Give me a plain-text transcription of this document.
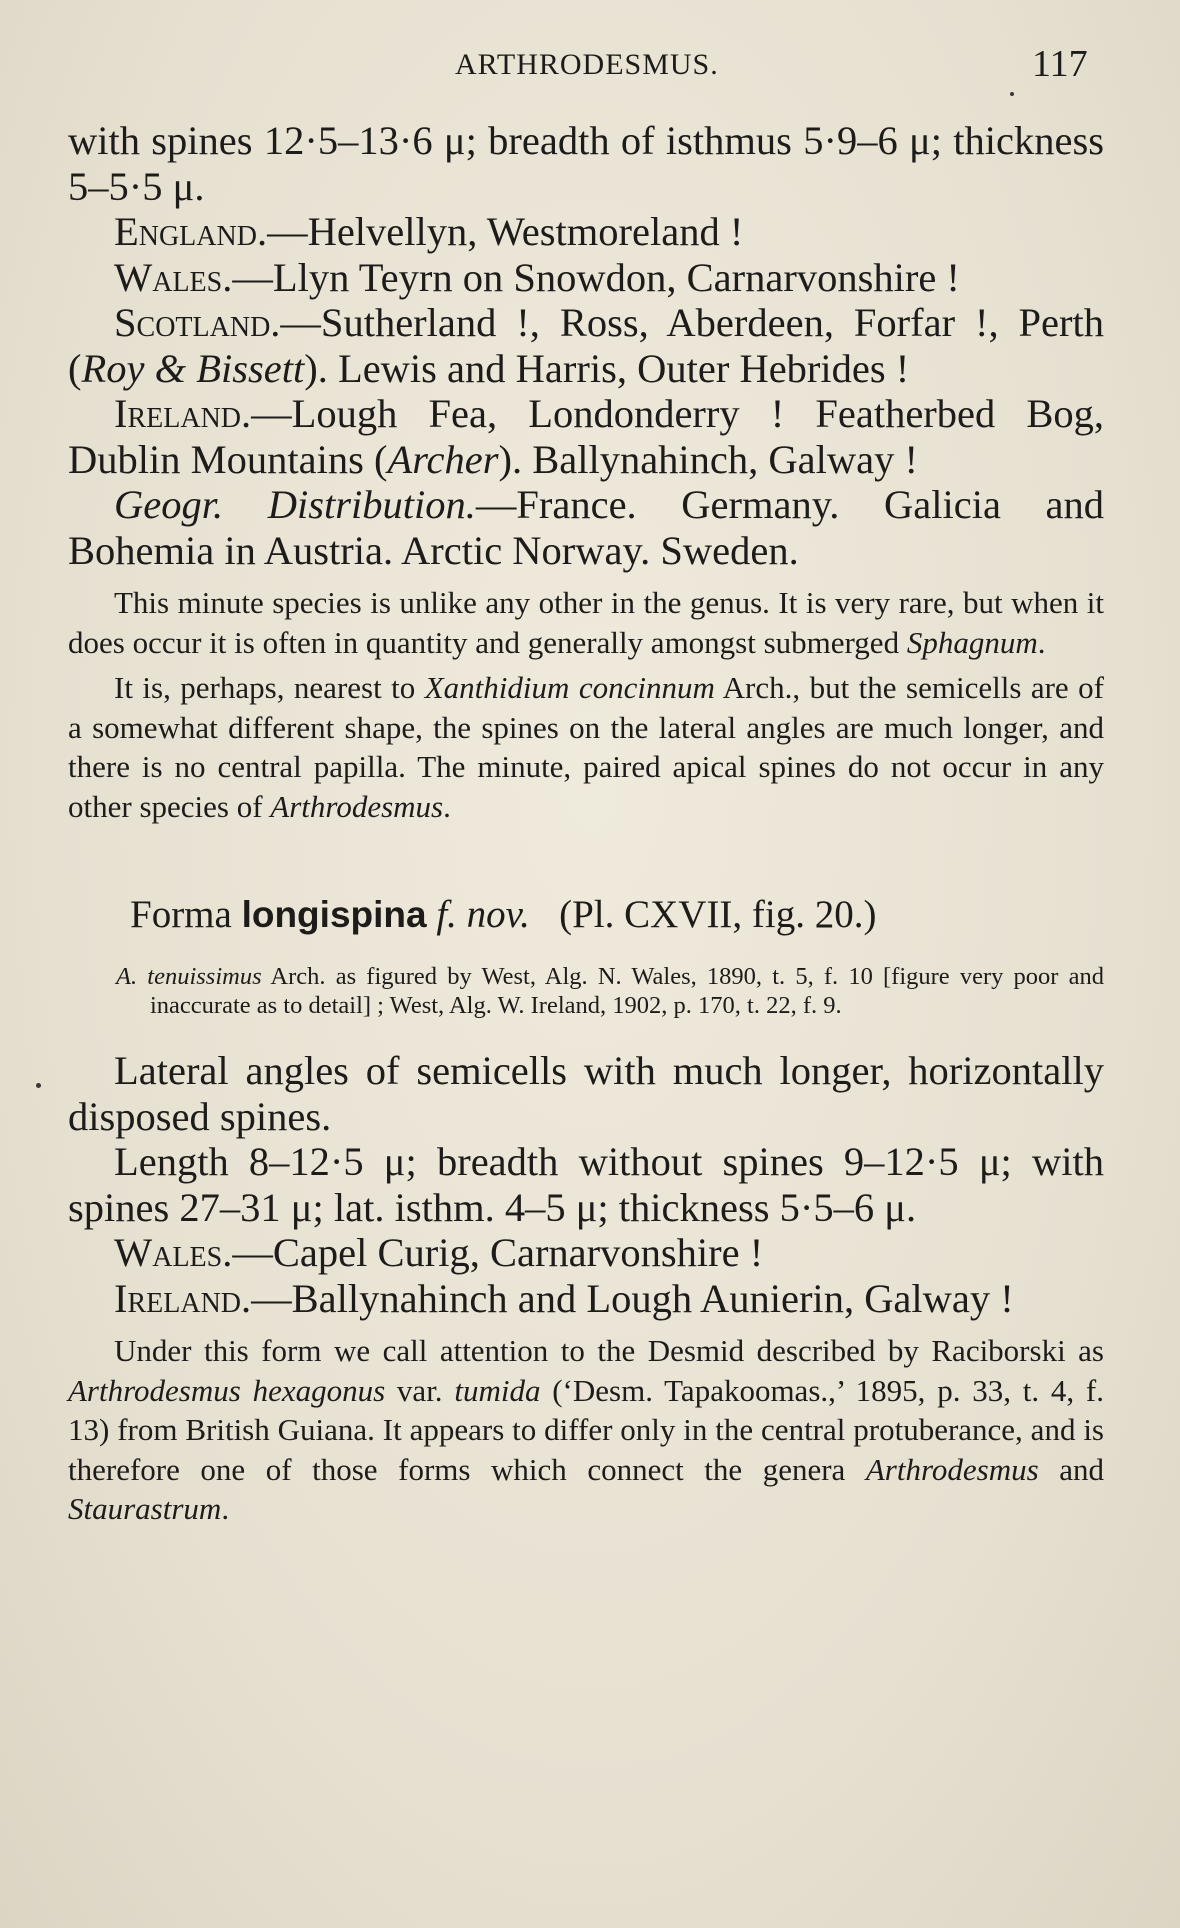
ARTHRODESMUS.	117

with spines 12·5–13·6 μ; breadth of isthmus 5·9–6 μ; thickness 5–5·5 μ.

England.—Helvellyn, Westmoreland !

Wales.—Llyn Teyrn on Snowdon, Carnarvonshire !

Scotland.—Sutherland !, Ross, Aberdeen, Forfar !, Perth (Roy & Bissett). Lewis and Harris, Outer Hebrides !

Ireland.—Lough Fea, Londonderry ! Featherbed Bog, Dublin Mountains (Archer). Ballynahinch, Galway !

Geogr. Distribution.—France. Germany. Galicia and Bohemia in Austria. Arctic Norway. Sweden.

This minute species is unlike any other in the genus. It is very rare, but when it does occur it is often in quantity and generally amongst submerged Sphagnum.

It is, perhaps, nearest to Xanthidium concinnum Arch., but the semicells are of a somewhat different shape, the spines on the lateral angles are much longer, and there is no central papilla. The minute, paired apical spines do not occur in any other species of Arthrodesmus.

Forma longispina f. nov. (Pl. CXVII, fig. 20.)

A. tenuissimus Arch. as figured by West, Alg. N. Wales, 1890, t. 5, f. 10 [figure very poor and inaccurate as to detail] ; West, Alg. W. Ireland, 1902, p. 170, t. 22, f. 9.

Lateral angles of semicells with much longer, horizontally disposed spines.

Length 8–12·5 μ; breadth without spines 9–12·5 μ; with spines 27–31 μ; lat. isthm. 4–5 μ; thickness 5·5–6 μ.

Wales.—Capel Curig, Carnarvonshire !

Ireland.—Ballynahinch and Lough Aunierin, Galway !

Under this form we call attention to the Desmid described by Raciborski as Arthrodesmus hexagonus var. tumida (‘Desm. Tapakoomas.,’ 1895, p. 33, t. 4, f. 13) from British Guiana. It appears to differ only in the central protuberance, and is therefore one of those forms which connect the genera Arthrodesmus and Staurastrum.
